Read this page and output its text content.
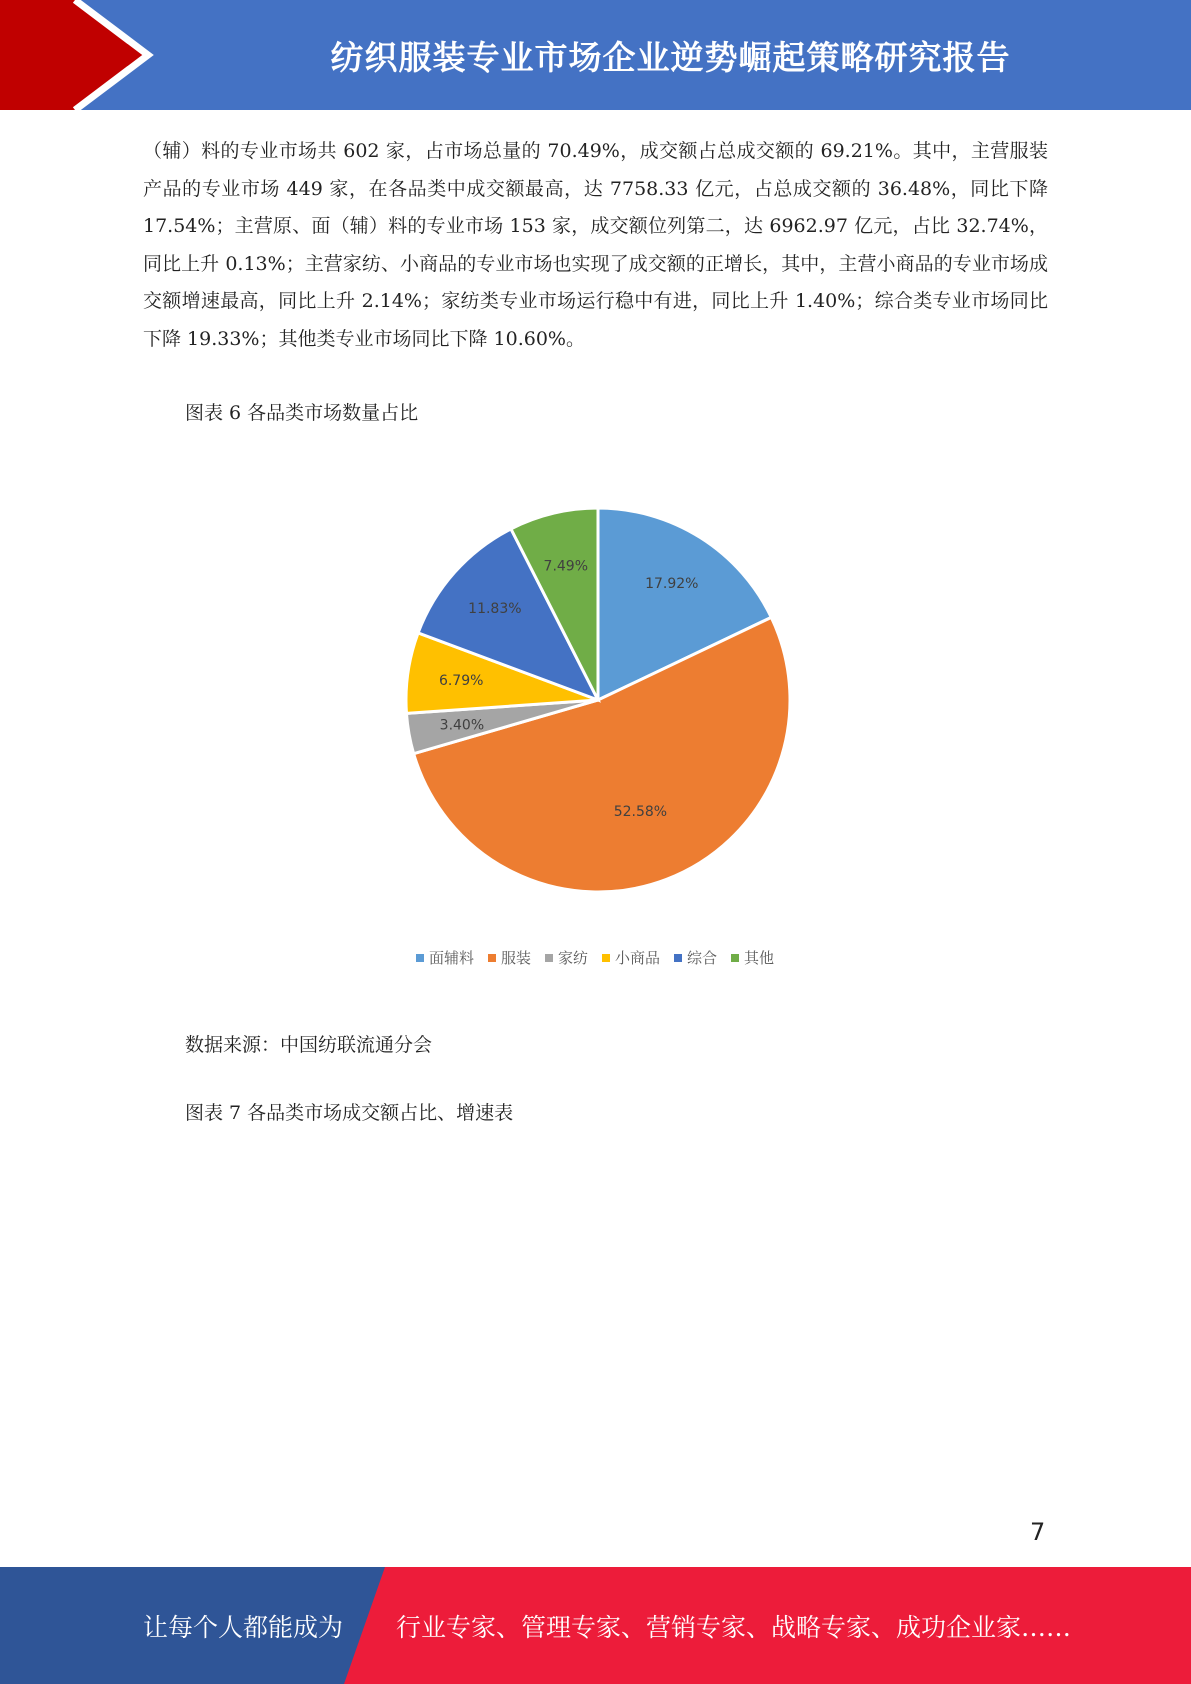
纺织服装专业市场企业逆势崛起策略研究报告
（辅）料的专业市场共 602 家，占市场总量的 70.49%，成交额占总成交额的 69.21%。其中，主营服装产品的专业市场 449 家，在各品类中成交额最高，达 7758.33 亿元，占总成交额的 36.48%，同比下降 17.54%；主营原、面（辅）料的专业市场 153 家，成交额位列第二，达 6962.97 亿元，占比 32.74%，同比上升 0.13%；主营家纺、小商品的专业市场也实现了成交额的正增长，其中，主营小商品的专业市场成交额增速最高，同比上升 2.14%；家纺类专业市场运行稳中有进，同比上升 1.40%；综合类专业市场同比下降 19.33%；其他类专业市场同比下降 10.60%。
图表 6 各品类市场数量占比
17.92%
52.58%
3.40%
6.79%
11.83%
7.49%
面辅料 服装 家纺 小商品 综合 其他
数据来源：中国纺联流通分会
图表 7 各品类市场成交额占比、增速表
7
让每个人都能成为 行业专家、管理专家、营销专家、战略专家、成功企业家……
